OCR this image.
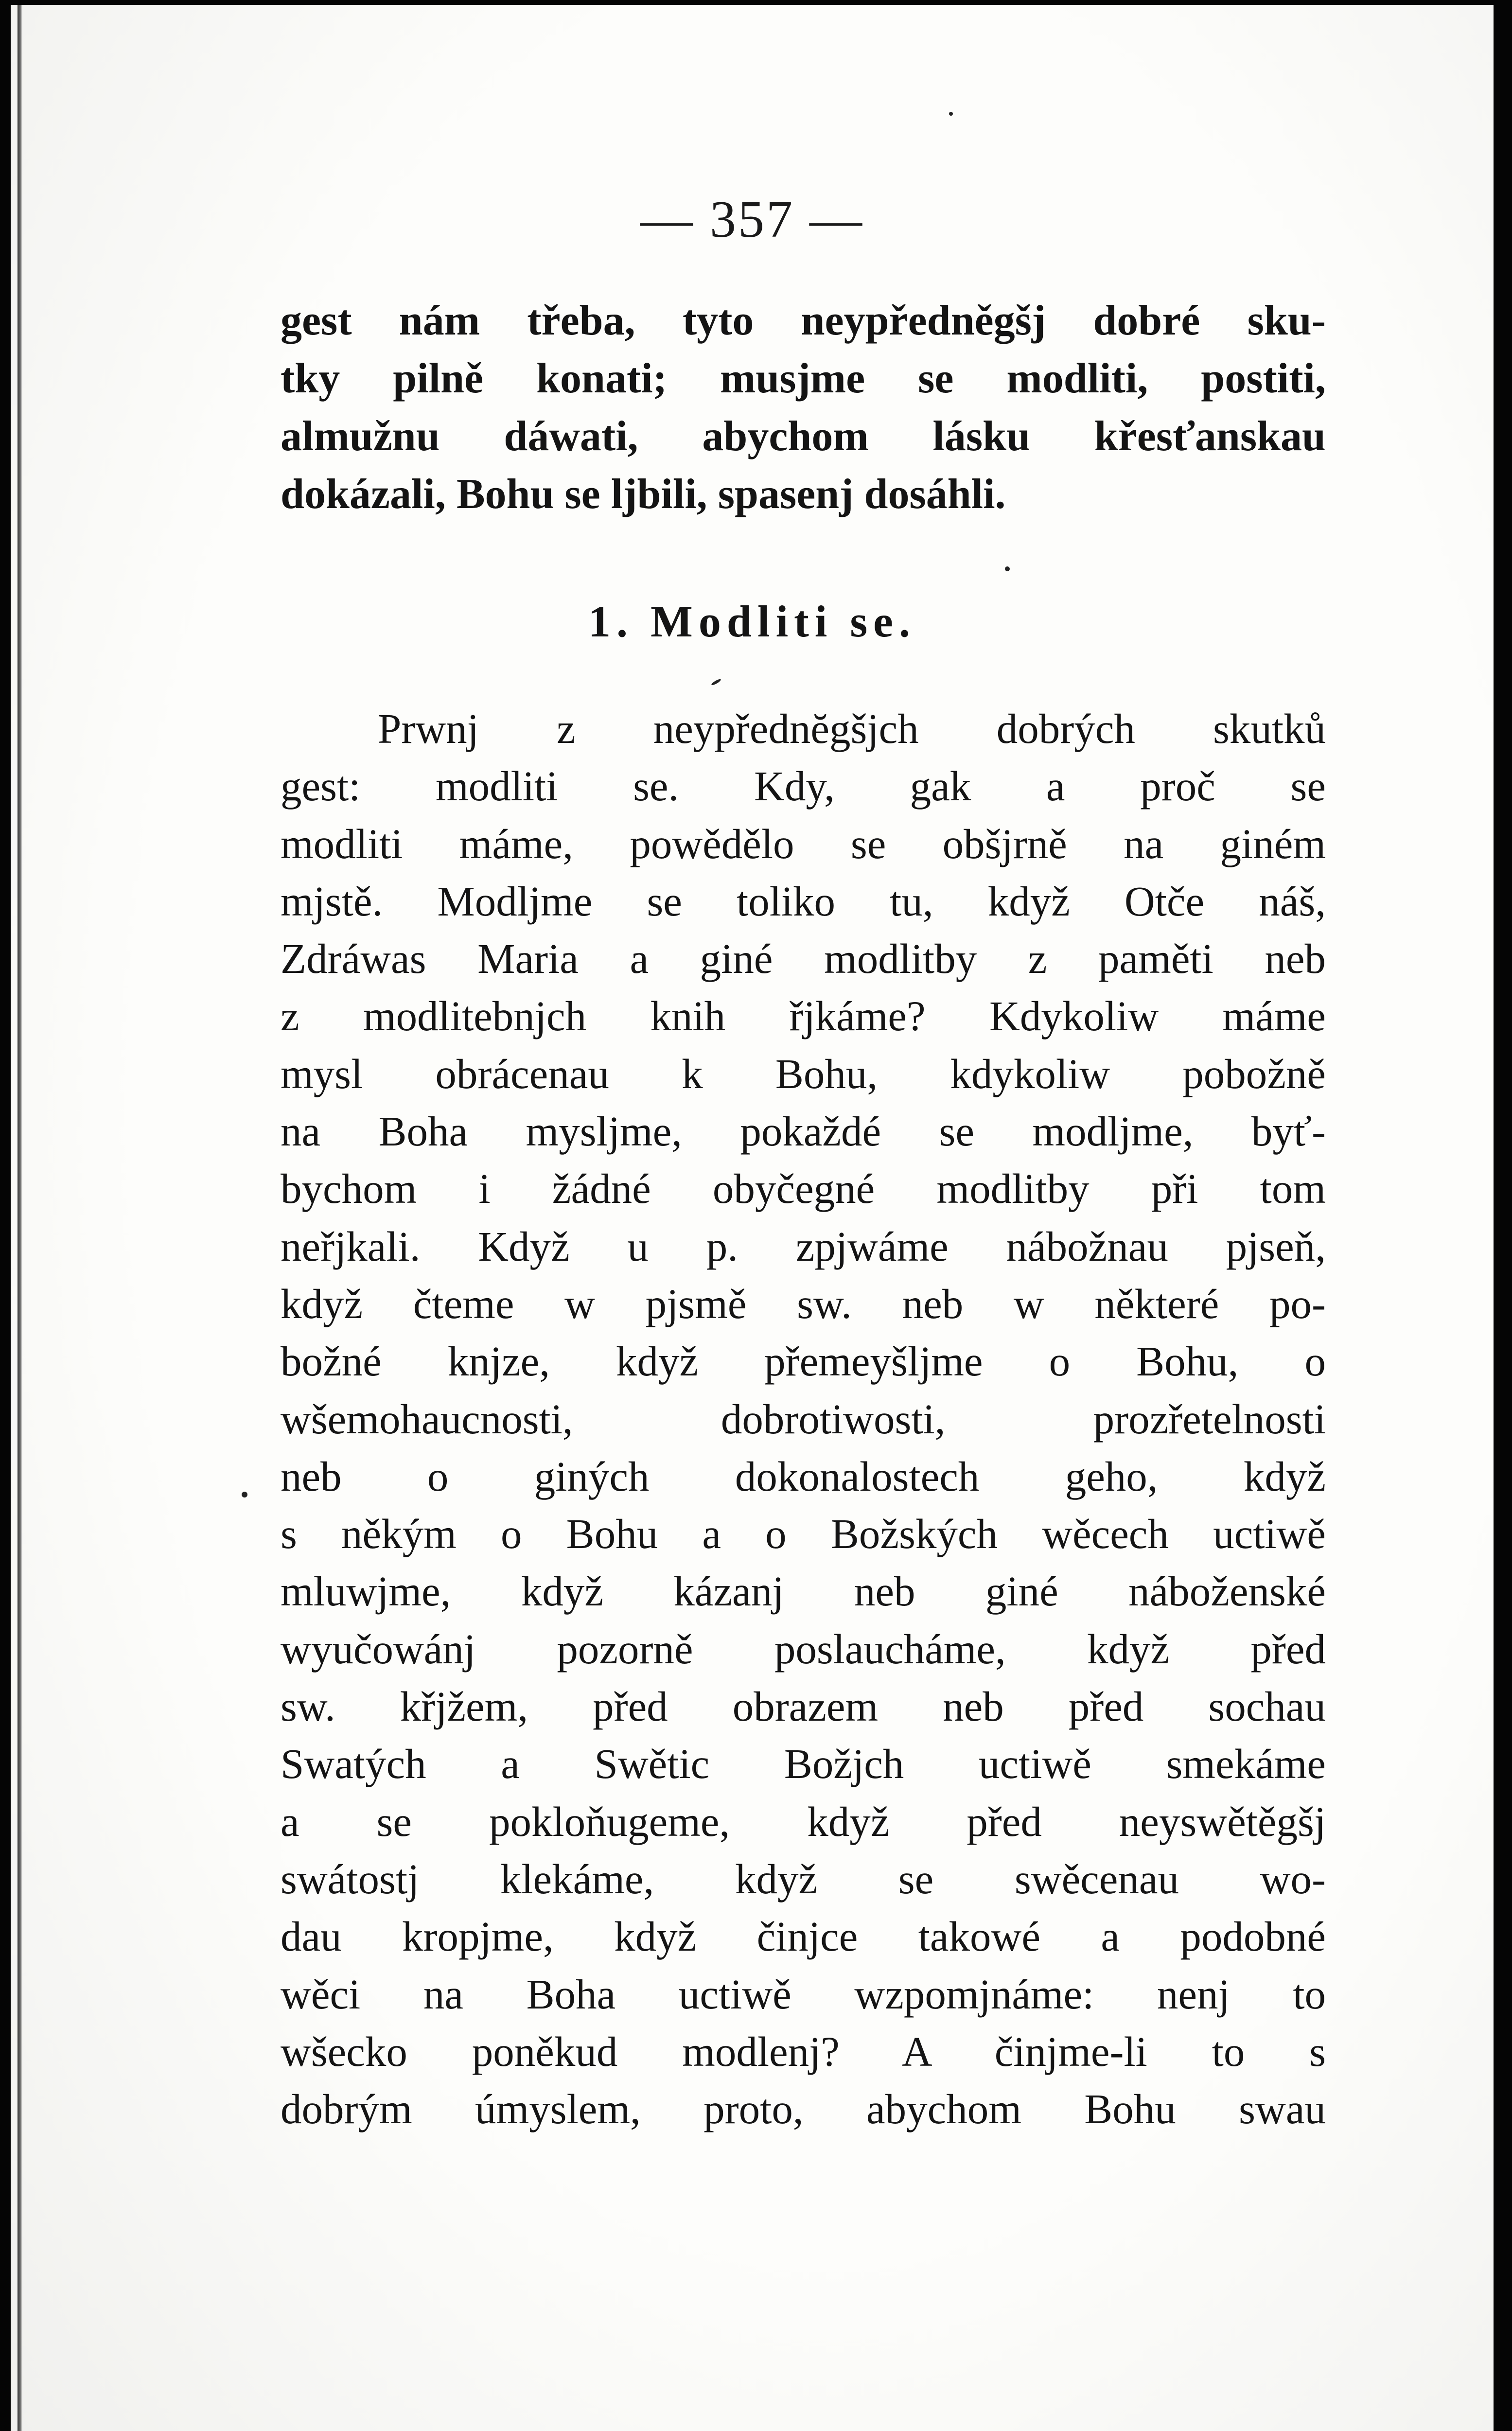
— 357 —
gest nám třeba, tyto neypředněgšj dobré sku-
tky pilně konati; musjme se modliti, postiti,
almužnu dáwati, abychom lásku křesťanskau
dokázali, Bohu se ljbili, spasenj dosáhli.
1. Modliti se.
Prwnj z neypřednĕgšjch dobrých skutků
gest: modliti se. Kdy, gak a proč se
modliti máme, powědělo se obšjrně na giném
mjstě. Modljme se toliko tu, když Otče náš,
Zdráwas Maria a giné modlitby z paměti neb
z modlitebnjch knih řjkáme? Kdykoliw máme
mysl obrácenau k Bohu, kdykoliw pobožně
na Boha myslјme, pokaždé se modljme, byť-
bychom i žádné obyčegné modlitby při tom
neřjkali. Když u p. zpjwáme nábožnau pjseň,
když čteme w pjsmě sw. neb w některé po-
božné knjze, když přemeyšljme o Bohu, o
wšemohaucnosti, dobrotiwosti, prozřetelnosti
neb o giných dokonalostech geho, když
s někým o Bohu a o Božských wěcech uctiwě
mluwjme, když kázanj neb giné náboženské
wyučowánj pozorně poslaucháme, když před
sw. křjžem, před obrazem neb před sochau
Swatých a Swětic Božjch uctiwě smekáme
a se pokloňugeme, když před neyswětěgšj
swátostj klekáme, když se swěcenau wo-
dau kropjme, když činjce takowé a podobné
wěci na Boha uctiwě wzpomjnáme: nenj to
wšecko poněkud modlenj? A činjme-li to s
dobrým úmyslem, proto, abychom Bohu swau
